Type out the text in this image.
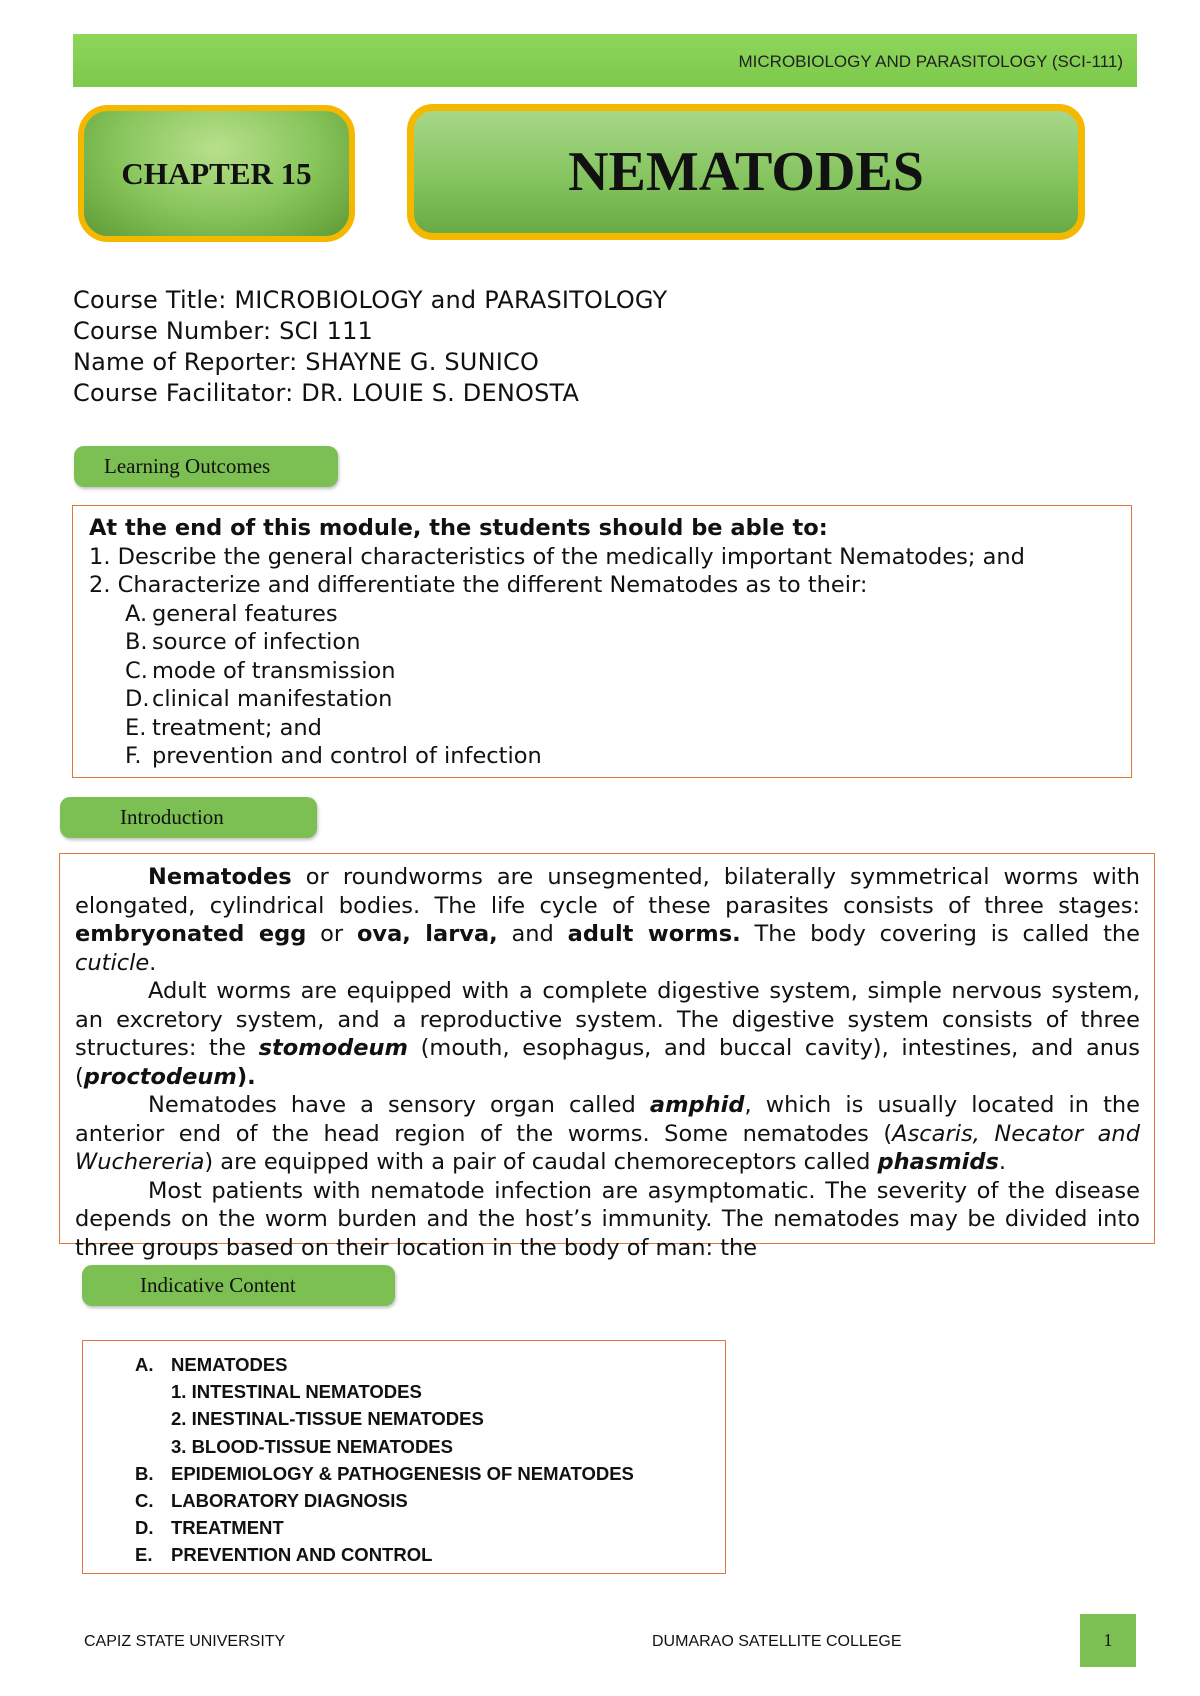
MICROBIOLOGY AND PARASITOLOGY (SCI-111)
CHAPTER 15	NEMATODES
Course Title: MICROBIOLOGY and PARASITOLOGY
Course Number: SCI 111
Name of Reporter: SHAYNE G. SUNICO
Course Facilitator: DR. LOUIE S. DENOSTA
Learning Outcomes
At the end of this module, the students should be able to:
1. Describe the general characteristics of the medically important Nematodes; and
2. Characterize and differentiate the different Nematodes as to their:
A. general features
B. source of infection
C. mode of transmission
D. clinical manifestation
E. treatment; and
F. prevention and control of infection
Introduction

Nematodes or roundworms are unsegmented, bilaterally symmetrical worms with elongated, cylindrical bodies. The life cycle of these parasites consists of three stages: embryonated egg or ova, larva, and adult worms. The body covering is called the cuticle.

Adult worms are equipped with a complete digestive system, simple nervous system, an excretory system, and a reproductive system. The digestive system consists of three structures: the stomodeum (mouth, esophagus, and buccal cavity), intestines, and anus (proctodeum).

Nematodes have a sensory organ called amphid, which is usually located in the anterior end of the head region of the worms. Some nematodes (Ascaris, Necator and Wuchereria) are equipped with a pair of caudal chemoreceptors called phasmids.

Most patients with nematode infection are asymptomatic. The severity of the disease depends on the worm burden and the host’s immunity. The nematodes may be divided into three groups based on their location in the body of man: the

Indicative Content
A. NEMATODES
1. INTESTINAL NEMATODES
2. INESTINAL-TISSUE NEMATODES
3. BLOOD-TISSUE NEMATODES
B. EPIDEMIOLOGY & PATHOGENESIS OF NEMATODES
C. LABORATORY DIAGNOSIS
D. TREATMENT
E. PREVENTION AND CONTROL
CAPIZ STATE UNIVERSITY	DUMARAO SATELLITE COLLEGE	1
